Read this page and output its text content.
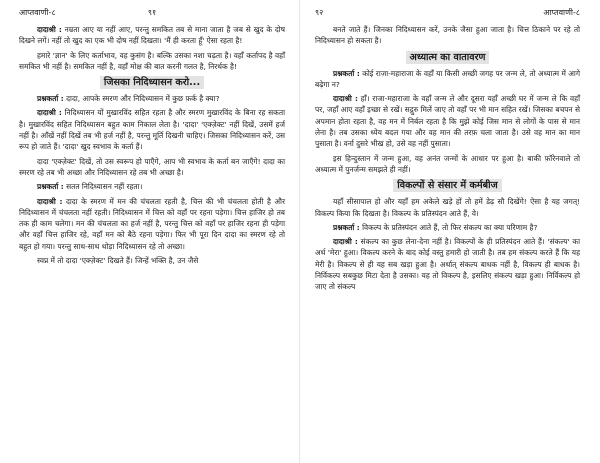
आप्तवाणी-८	९१

दादाश्री : नम्रता आए या नहीं आए, परन्तु समकित तब से माना जाता है जब से खुद के दोष दिखने लगें। नहीं तो खुद का एक भी दोष नहीं दिखता। 'मैं ही करता हूँ' ऐसा रहता है!

हमारे 'ज्ञान' के लिए कर्ताभाव, वह कुसंग है। बल्कि उसका नशा चढ़ता है। वहाँ कर्तापद है वहाँ समकित भी नहीं है। समकित नहीं है, वहाँ मोक्ष की बात करनी गलत है, निरर्थक है!

जिसका निदिध्यासन करो...

प्रश्नकर्ता : दादा, आपके स्मरण और निदिध्यासन में कुछ फ़र्क है क्या?

दादाश्री : निदिध्यासन यों मुखारविंद सहित रहता है और स्मरण मुखारविंद के बिना रह सकता है। मुखारविंद सहित निदिध्यासन बहुत काम निकाल लेता है। 'दादा' 'एक्ज़ेक्ट' नहीं दिखें, उसमें हर्ज नहीं है। आँखें नहीं दिखें तब भी हर्ज नहीं है, परन्तु मूर्ति दिखनी चाहिए। जिसका निदिध्यासन करें, उस रूप हो जाते हैं। 'दादा' खुद स्वभाव के कर्ता हैं।

दादा 'एक्ज़ेक्ट' दिखें, तो उस स्वरूप हो पाएँगे, आप भी स्वभाव के कर्ता बन जाएँगे! दादा का स्मरण रहे तब भी अच्छा और निदिध्यासन रहे तब भी अच्छा है।

प्रश्नकर्ता : सतत निदिध्यासन नहीं रहता।

दादाश्री : दादा के स्मरण में मन की चंचलता रहती है, चित्त की भी चंचलता होती है और निदिध्यासन में चंचलता नहीं रहती। निदिध्यासन में चित्त को वहाँ पर रहना पड़ेगा। चित्त हाजिर हो तब तक ही काम चलेगा। मन की चंचलता का हर्ज नहीं है, परन्तु चित्त को वहाँ पर हाजिर रहना ही पड़ेगा और वहाँ चित्त हाजिर रहे, वहाँ मन को बैठे रहना पड़ेगा। फिर भी पूरा दिन दादा का स्मरण रहे तो बहुत हो गया। परन्तु साथ-साथ थोड़ा निदिध्यासन रहे तो अच्छा।

स्वप्न में तो दादा 'एक्ज़ेक्ट' दिखते हैं। जिन्हें भक्ति है, उन जैसे

९२	आप्तवाणी-८

बनते जाते हैं। जिनका निदिध्यासन करें, उनके जैसा हुआ जाता है। चित्त ठिकाने पर रहे तो निदिध्यासन हो सकता है।

अध्यात्म का वातावरण

प्रश्नकर्ता : कोई राजा-महाराजा के वहाँ या किसी अच्छी जगह पर जन्म ले, तो अध्यात्म में आगे बढ़ेगा न?

दादाश्री : हाँ। राजा-महाराजा के वहाँ जन्म ले और दूसरा यहाँ अच्छी घर में जन्म ले कि वहाँ पर, जहाँ आए वहाँ इच्छा से रखें। सद्गुरु मिलें जाए तो वहाँ पर भी मान सहित रखें। जिसका बचपन से अपमान होता रहता है, वह मन में निर्बल रहता है कि मुझे कोई जिस मान से लोगों के पास से मान लेना है। तब उसका ध्येय बदल गया और वह मान की तरफ़ चला जाता है। उसे वह मान का मान पुसाता है। वर्ना दुसरे भीख हो, उसे वह नहीं पुसाता।

इस हिन्दुस्तान में जन्म हुआ, वह अनंत जन्मों के आधार पर हुआ है। बाकी फ़ॉरेनवाले तो अध्यात्म में पुनर्जन्म समझते ही नहीं।

विकल्पों से संसार में कर्मबीज

यहाँ सीसापाल हो और यहाँ हम अकेले खड़े हों तो हमें डेढ़ सौ दिखेंगे! ऐसा है यह जगत्! विकल्प किया कि दिखता है। विकल्प के प्रतिस्पंदन आते हैं, वे।

प्रश्नकर्ता : विकल्प के प्रतिस्पंदन आते हैं, तो फिर संकल्प का क्या परिणाम है?

दादाश्री : संकल्प का कुछ लेना-देना नहीं है। विकल्पों के ही प्रतिस्पंदन आते हैं। 'संकल्प' का अर्थ 'मेरा' हुआ। विकल्प करने के बाद कोई वस्तु हमारी हो जाती है। तब हम संकल्प करते हैं कि यह मेरी है। विकल्प से ही यह सब खड़ा हुआ है। अर्थात् संकल्प बाधक नहीं है, विकल्प ही बाधक है। निर्विकल्प सबकुछ मिटा देता है उसका। यह तो विकल्प है, इसलिए संकल्प खड़ा हुआ। निर्विकल्प हो जाए तो संकल्प
